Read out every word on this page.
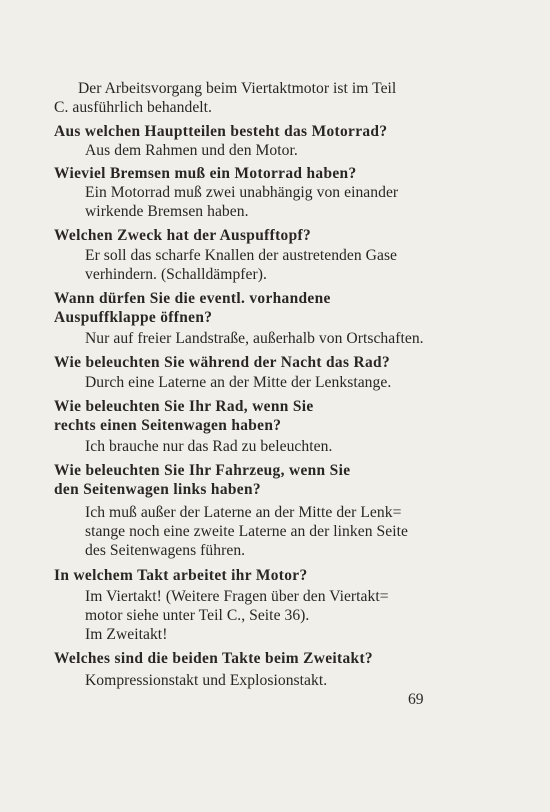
Der Arbeitsvorgang beim Viertaktmotor ist im Teil

C. ausführlich behandelt.

Aus welchen Hauptteilen besteht das Motorrad?

Aus dem Rahmen und den Motor.

Wieviel Bremsen muß ein Motorrad haben?

Ein Motorrad muß zwei unabhängig von einander

wirkende Bremsen haben.

Welchen Zweck hat der Auspufftopf?

Er soll das scharfe Knallen der austretenden Gase

verhindern. (Schalldämpfer).

Wann dürfen Sie die eventl. vorhandene

Auspuffklappe öffnen?

Nur auf freier Landstraße, außerhalb von Ortschaften.

Wie beleuchten Sie während der Nacht das Rad?

Durch eine Laterne an der Mitte der Lenkstange.

Wie beleuchten Sie Ihr Rad, wenn Sie

rechts einen Seitenwagen haben?

Ich brauche nur das Rad zu beleuchten.

Wie beleuchten Sie Ihr Fahrzeug, wenn Sie

den Seitenwagen links haben?

Ich muß außer der Laterne an der Mitte der Lenk=

stange noch eine zweite Laterne an der linken Seite

des Seitenwagens führen.

In welchem Takt arbeitet ihr Motor?

Im Viertakt! (Weitere Fragen über den Viertakt=

motor siehe unter Teil C., Seite 36).

Im Zweitakt!

Welches sind die beiden Takte beim Zweitakt?

Kompressionstakt und Explosionstakt.

69
